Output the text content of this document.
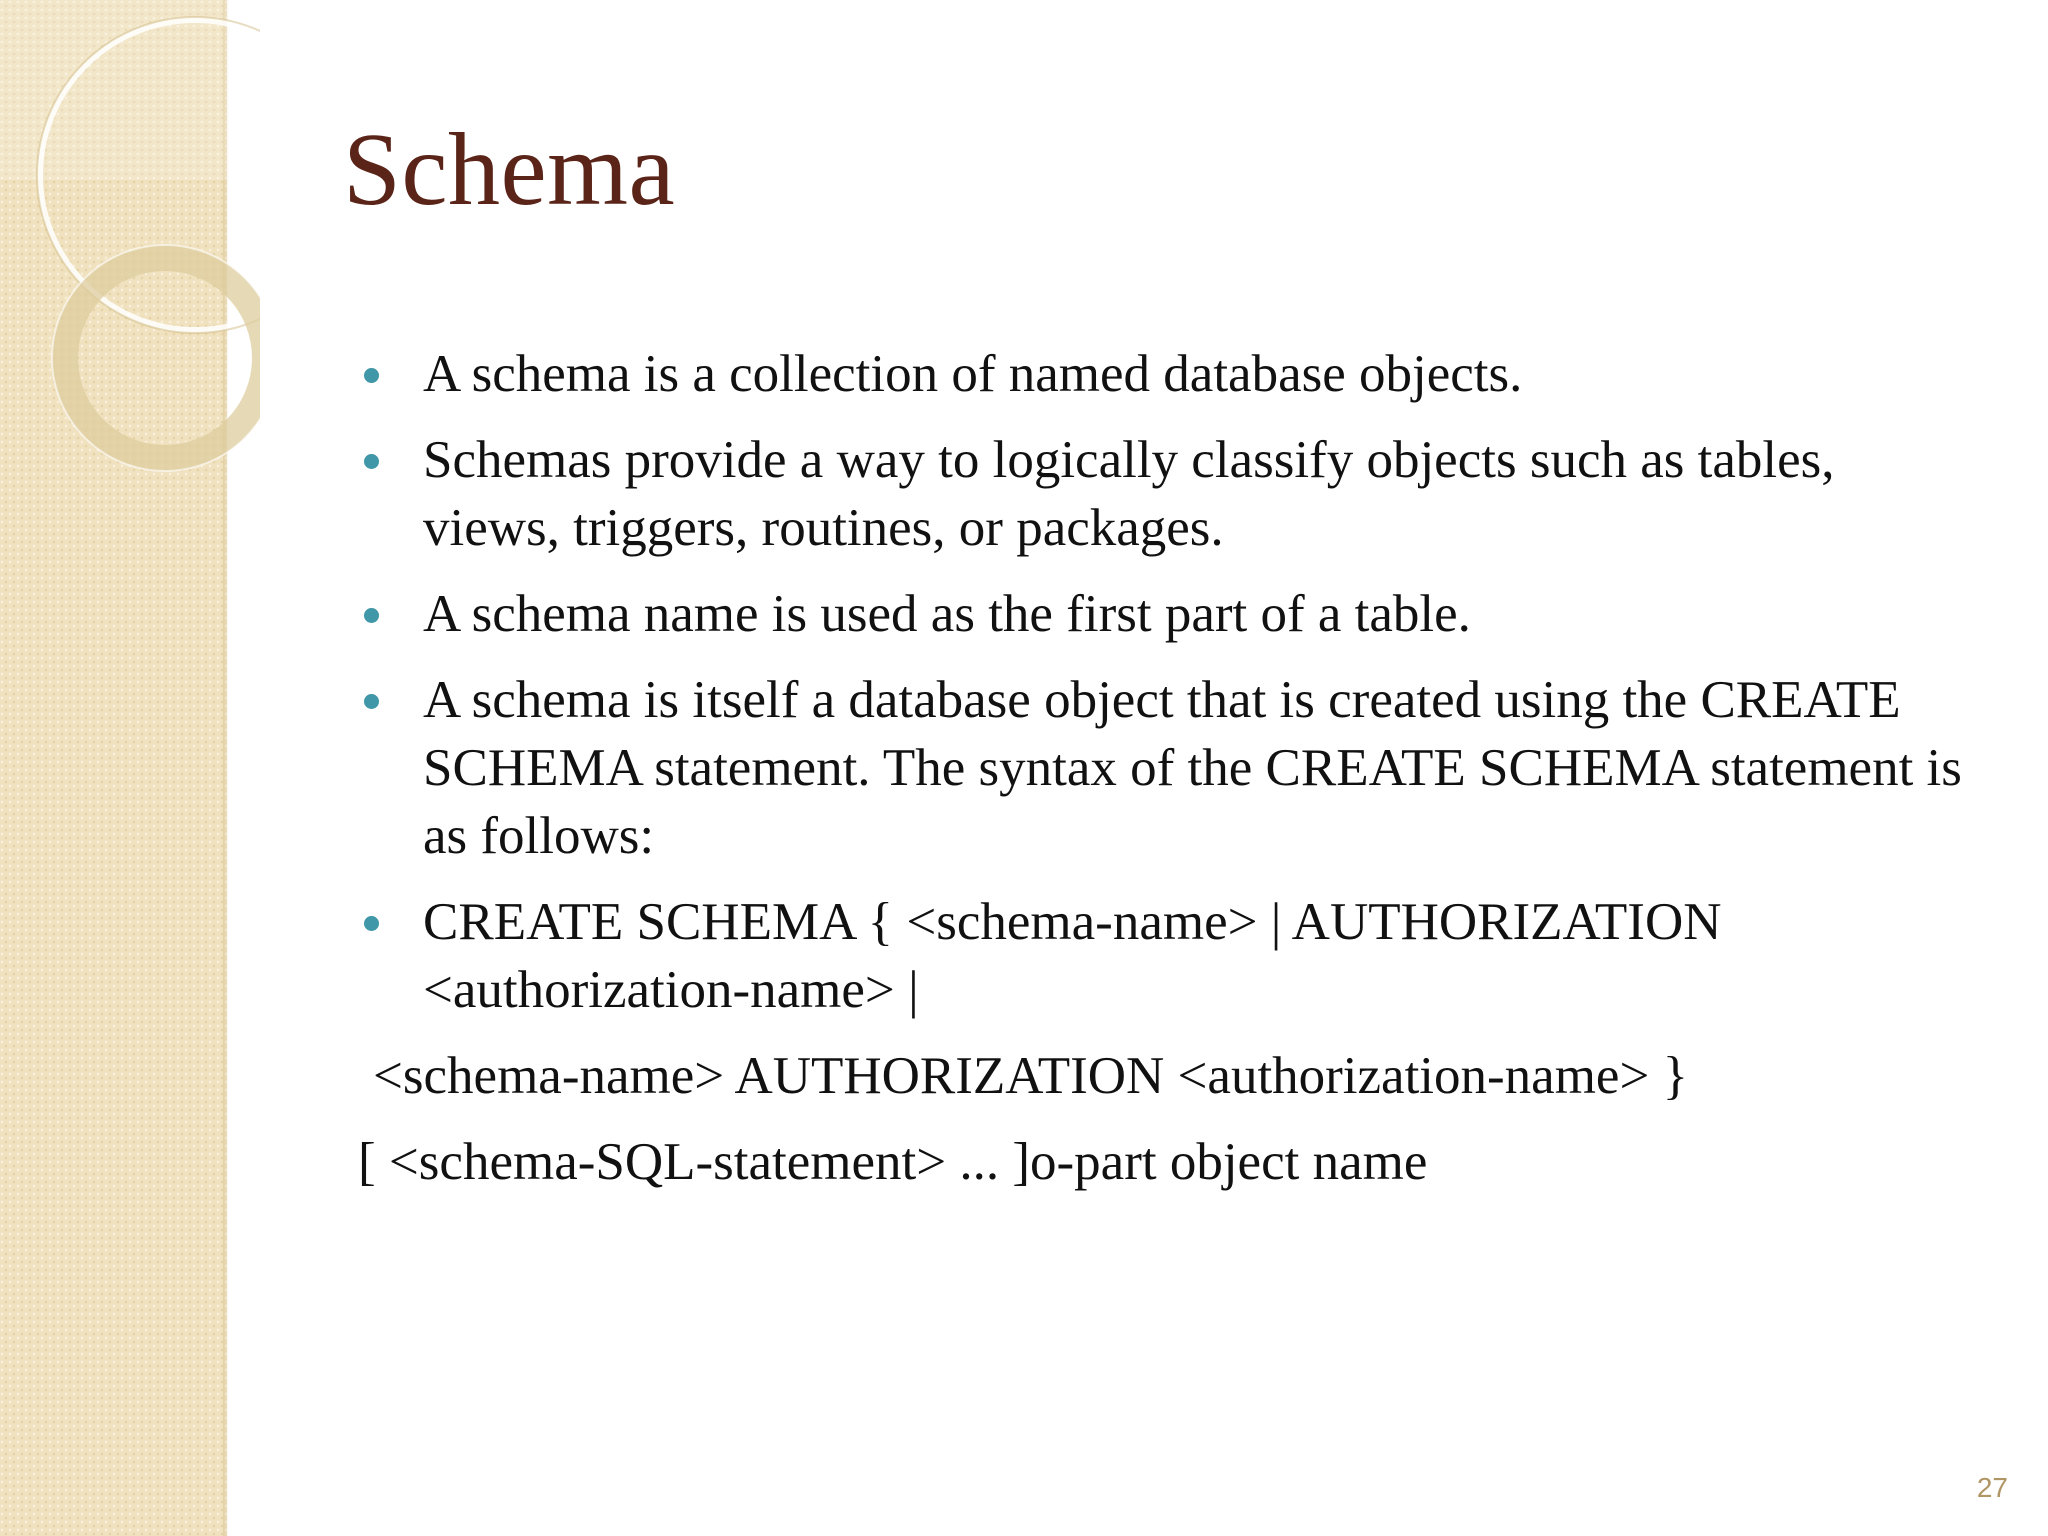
Schema
A schema is a collection of named database objects.
Schemas provide a way to logically classify objects such as tables, views, triggers, routines, or packages.
A schema name is used as the first part of a table.
A schema is itself a database object that is created using the CREATE SCHEMA statement. The syntax of the CREATE SCHEMA statement is as follows:
CREATE SCHEMA { <schema-name> | AUTHORIZATION <authorization-name> |

<schema-name> AUTHORIZATION <authorization-name> }

[ <schema-SQL-statement> ... ]o-part object name

27
